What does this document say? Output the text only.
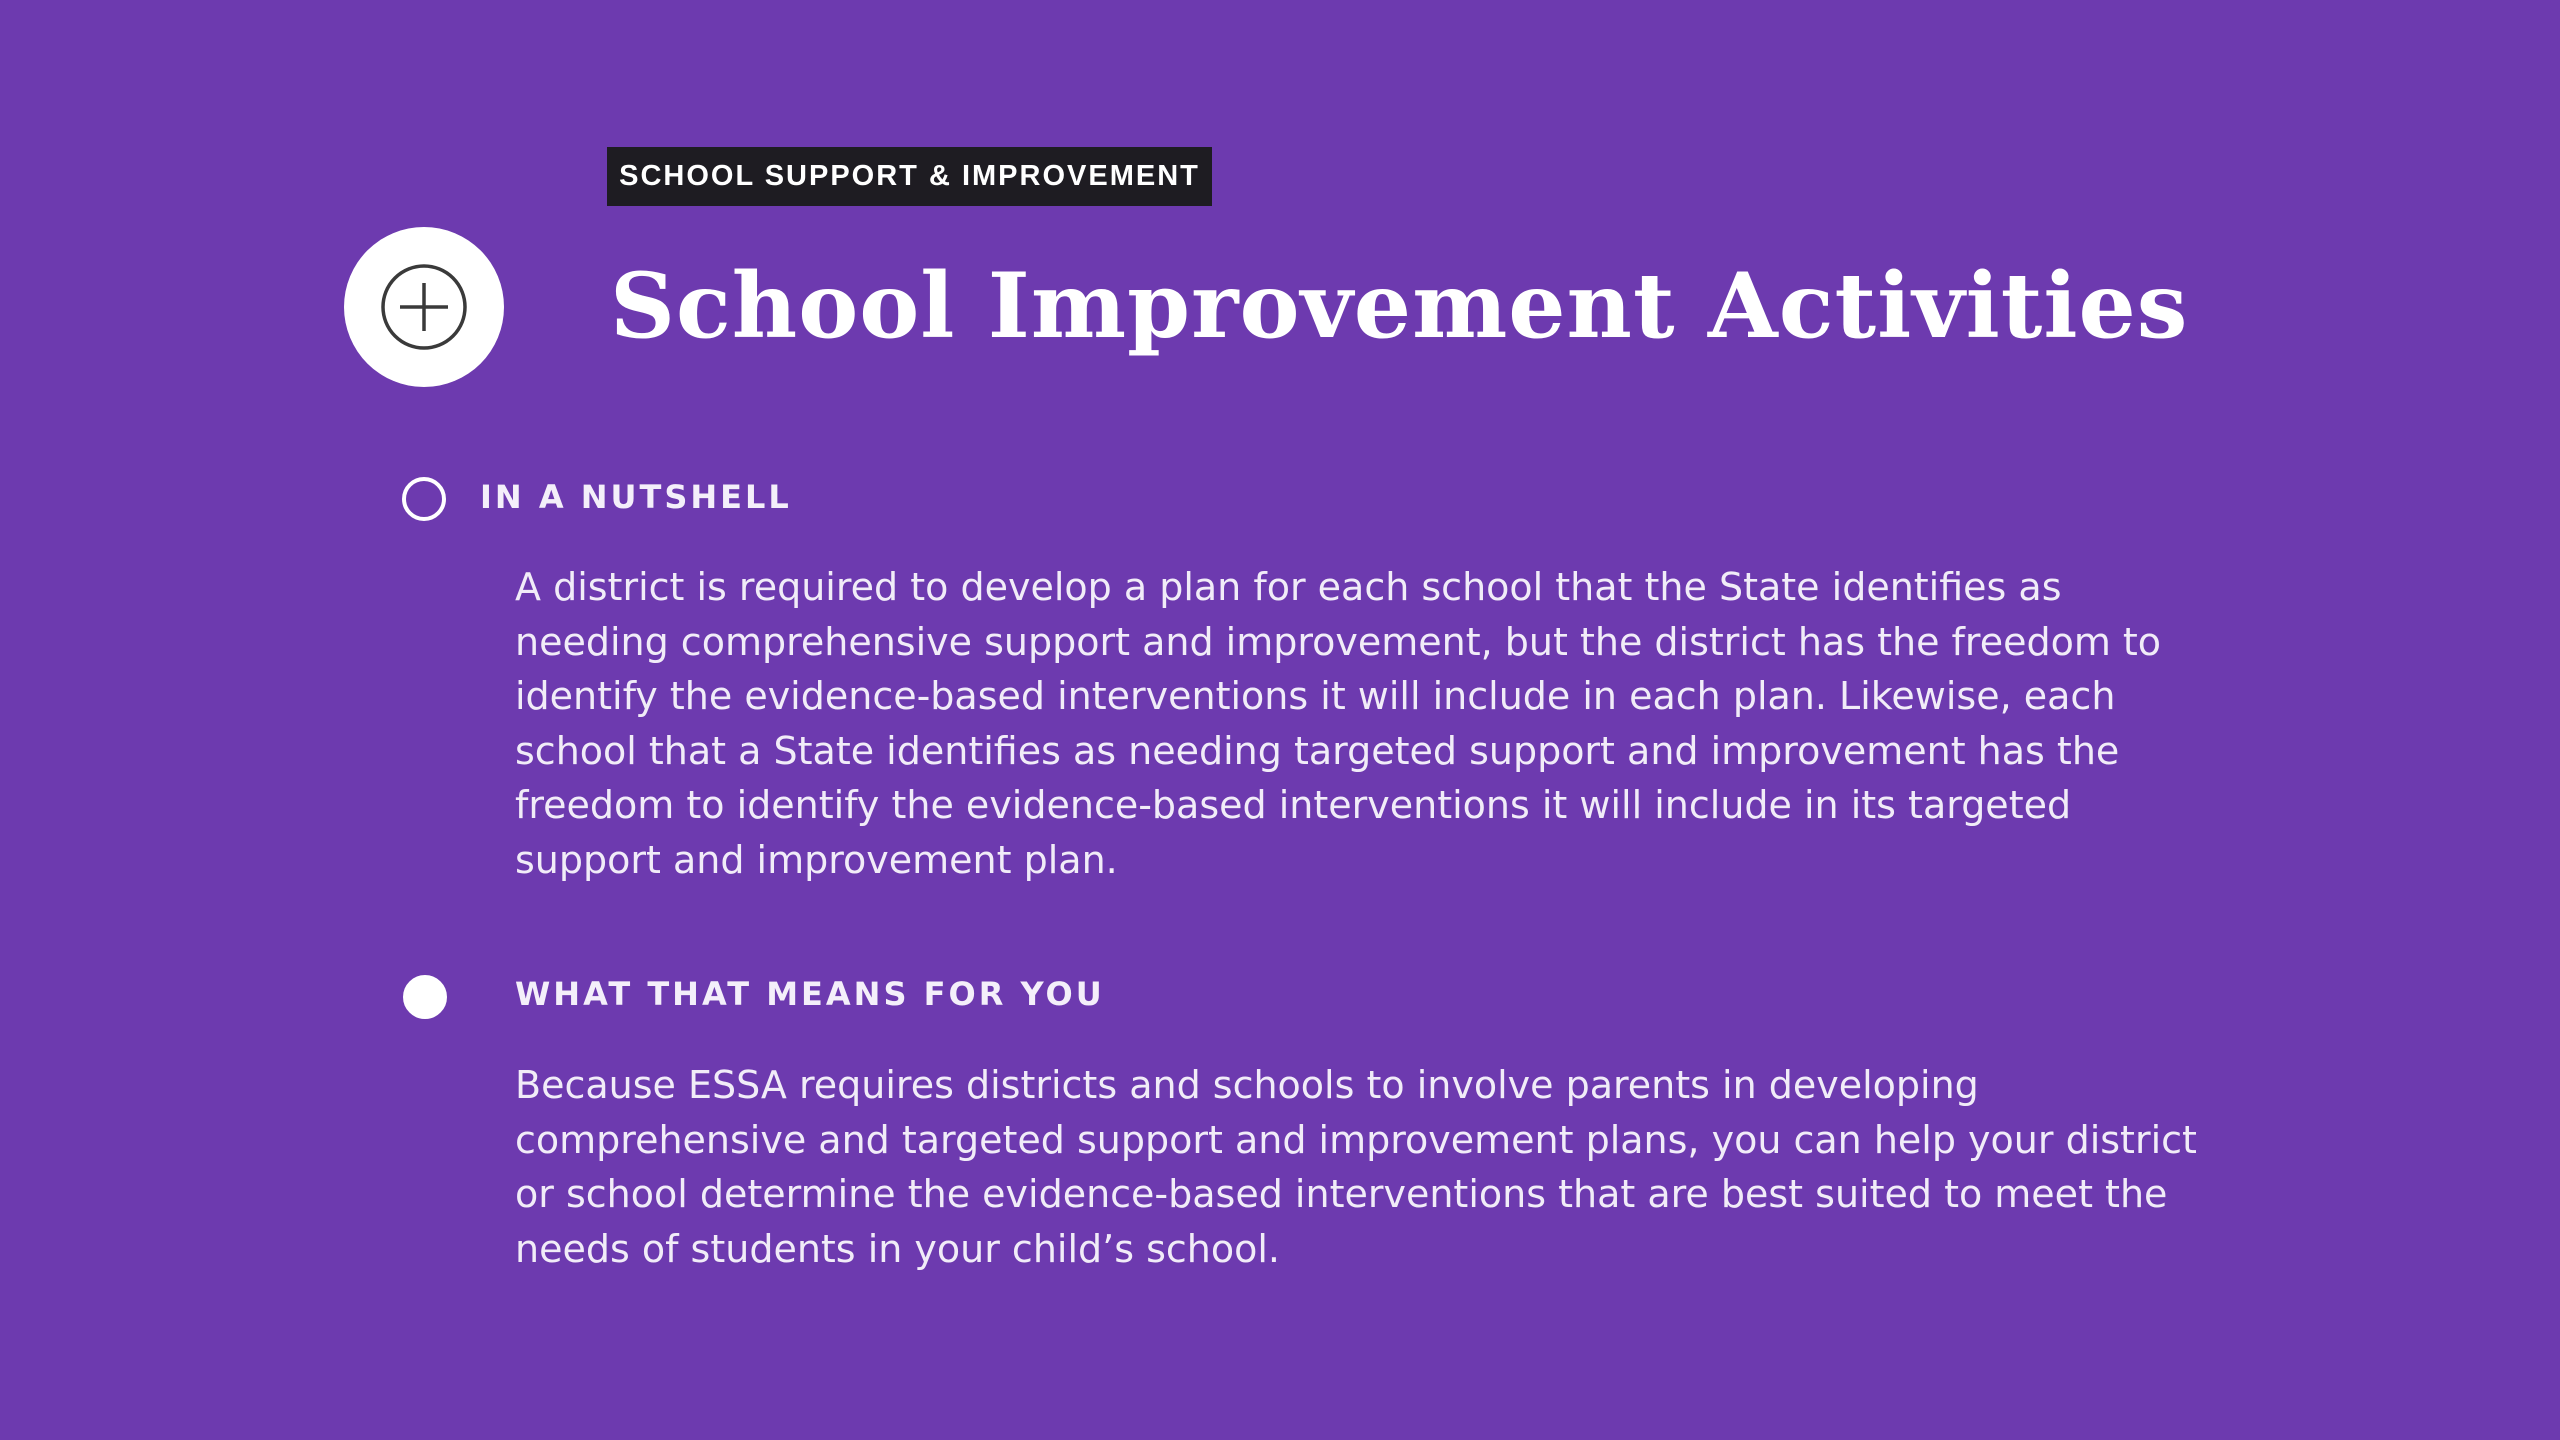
SCHOOL SUPPORT & IMPROVEMENT
School Improvement Activities
IN A NUTSHELL

A district is required to develop a plan for each school that the State identifies as needing comprehensive support and improvement, but the district has the freedom to identify the evidence-based interventions it will include in each plan. Likewise, each school that a State identifies as needing targeted support and improvement has the freedom to identify the evidence-based interventions it will include in its targeted support and improvement plan.

WHAT THAT MEANS FOR YOU

Because ESSA requires districts and schools to involve parents in developing comprehensive and targeted support and improvement plans, you can help your district or school determine the evidence-based interventions that are best suited to meet the needs of students in your child’s school.
